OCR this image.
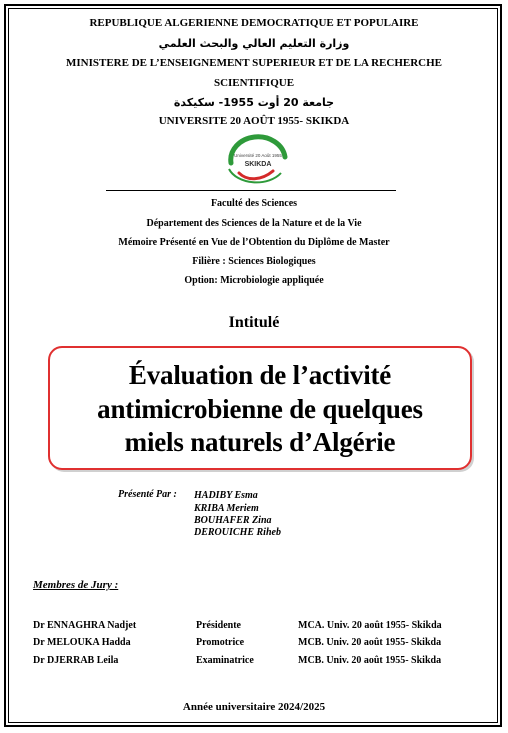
REPUBLIQUE ALGERIENNE DEMOCRATIQUE ET POPULAIRE
وزارة التعليم العالي والبحث العلمي
MINISTERE DE L’ENSEIGNEMENT SUPERIEUR ET DE LA RECHERCHE
SCIENTIFIQUE
جامعة 20 أوت 1955- سكيكدة
UNIVERSITE 20 AOÛT 1955- SKIKDA
Université 20 Août 1955
SKIKDA
Faculté des Sciences
Département des Sciences de la Nature et de la Vie
Mémoire Présenté en Vue de l’Obtention du Diplôme de Master
Filière : Sciences Biologiques
Option: Microbiologie appliquée
Intitulé
Évaluation de l’activité
antimicrobienne de quelques
miels naturels d’Algérie
Présenté Par : HADIBY Esma
KRIBA Meriem
BOUHAFER Zina
DEROUICHE Riheb
Membres de Jury :
Dr ENNAGHRA Nadjet	Présidente	MCA. Univ. 20 août 1955- Skikda
Dr MELOUKA Hadda	Promotrice	MCB. Univ. 20 août 1955- Skikda
Dr DJERRAB Leila	Examinatrice	MCB. Univ. 20 août 1955- Skikda
Année universitaire 2024/2025
